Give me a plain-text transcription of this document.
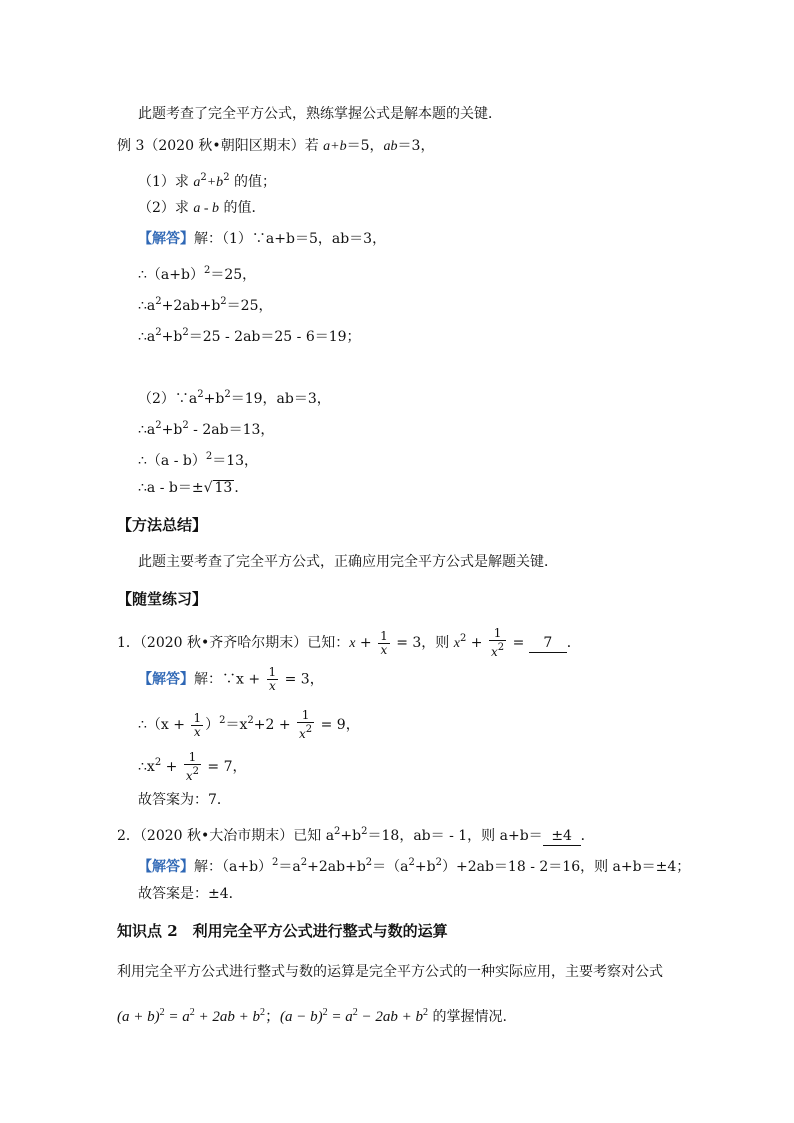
此题考查了完全平方公式，熟练掌握公式是解本题的关键．
例 3（2020 秋•朝阳区期末）若 a+b＝5，ab＝3，
（1）求 $a^2+b^2$ 的值；
（2）求 a - b 的值．
【解答】解：（1）∵a+b＝5，ab＝3，
$\therefore(a+b)^2=25$，
$\therefore a^2+2ab+b^2=25$，
$\therefore a^2+b^2=25 - 2ab=25 - 6=19$；
$(2)\because a^2+b^2=19$，ab＝3，
$\therefore a^2+b^2 - 2ab=13$，
∴（a - b）$^2$＝13，
∴a - b＝±√ 13 ．
【方法总结】
此题主要考查了完全平方公式，正确应用完全平方公式是解题关键．
【随堂练习】
1．（2020 秋•齐齐哈尔期末）已知：$x + \frac{1}{x} = 3$，则 $x^2 + \frac{1}{x^2} = 7$ ．
【解答】解：∵x + $\frac{1}{x} = 3$，
∴（x + $\frac{1}{x} )^2=x^2+2 + \frac{1}{x^2} = 9$，
$\therefore x^2 + \frac{1}{x^2} = 7$，
故答案为：7．
2．（2020 秋•大冶市期末）已知 $a^2+b^2=18$，ab＝ - 1，则 a+b＝ ±4 ．
【解答】解：$(a+b)^2=a^2+2ab+b^2=(a^2+b^2)+2ab=18 - 2=16$，则 a+b＝±4；
故答案是：±4．
知识点 2　利用完全平方公式进行整式与数的运算
利用完全平方公式进行整式与数的运算是完全平方公式的一种实际应用，主要考察对公式
$(a + b)^2 = a^2 + 2ab + b^2$；$(a - b)^2 = a^2 - 2ab + b^2$ 的掌握情况.
